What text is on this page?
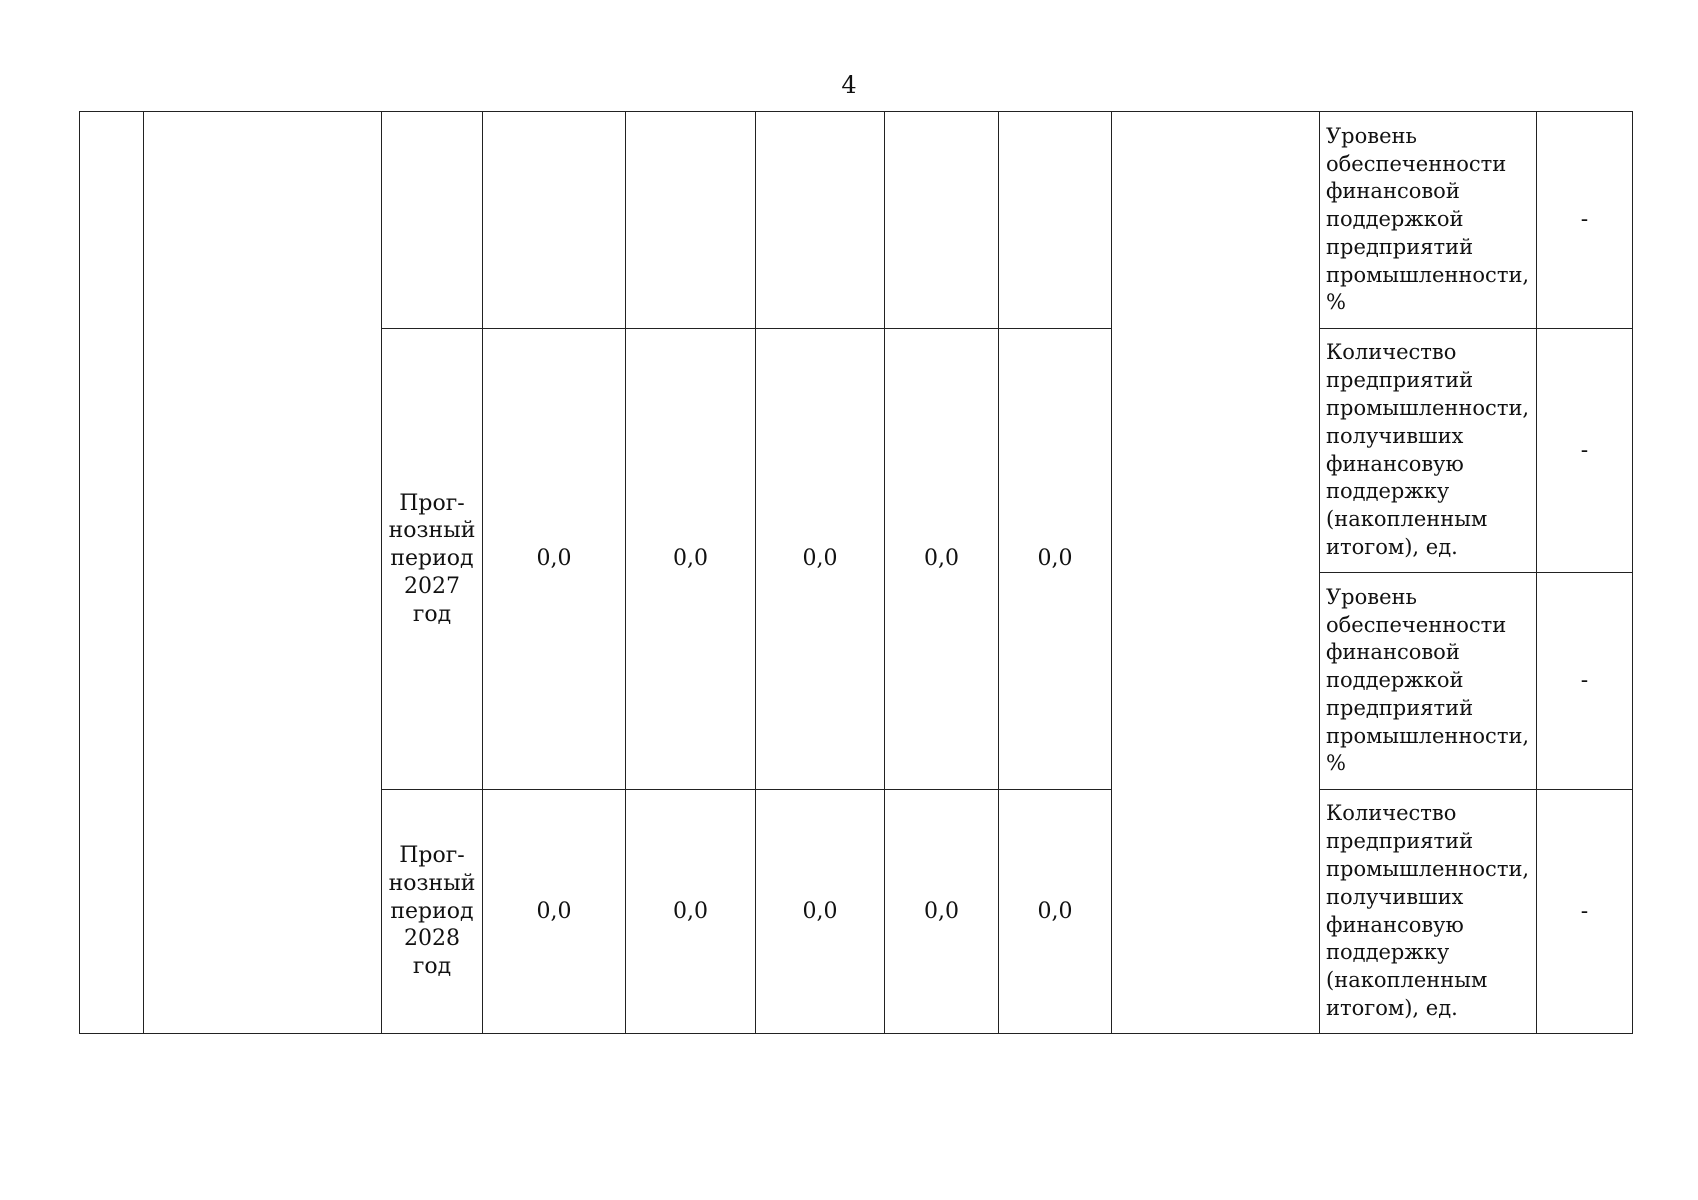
4
									Уровень обеспеченности финансовой поддержкой предприятий промышленности, %	-
		Прог-нозный период 2027 год	0,0	0,0	0,0	0,0	0,0		Количество предприятий промышленности, получивших финансовую поддержку (накопленным итогом), ед.	-
									Уровень обеспеченности финансовой поддержкой предприятий промышленности, %	-
		Прог-нозный период 2028 год	0,0	0,0	0,0	0,0	0,0		Количество предприятий промышленности, получивших финансовую поддержку (накопленным итогом), ед.	-
